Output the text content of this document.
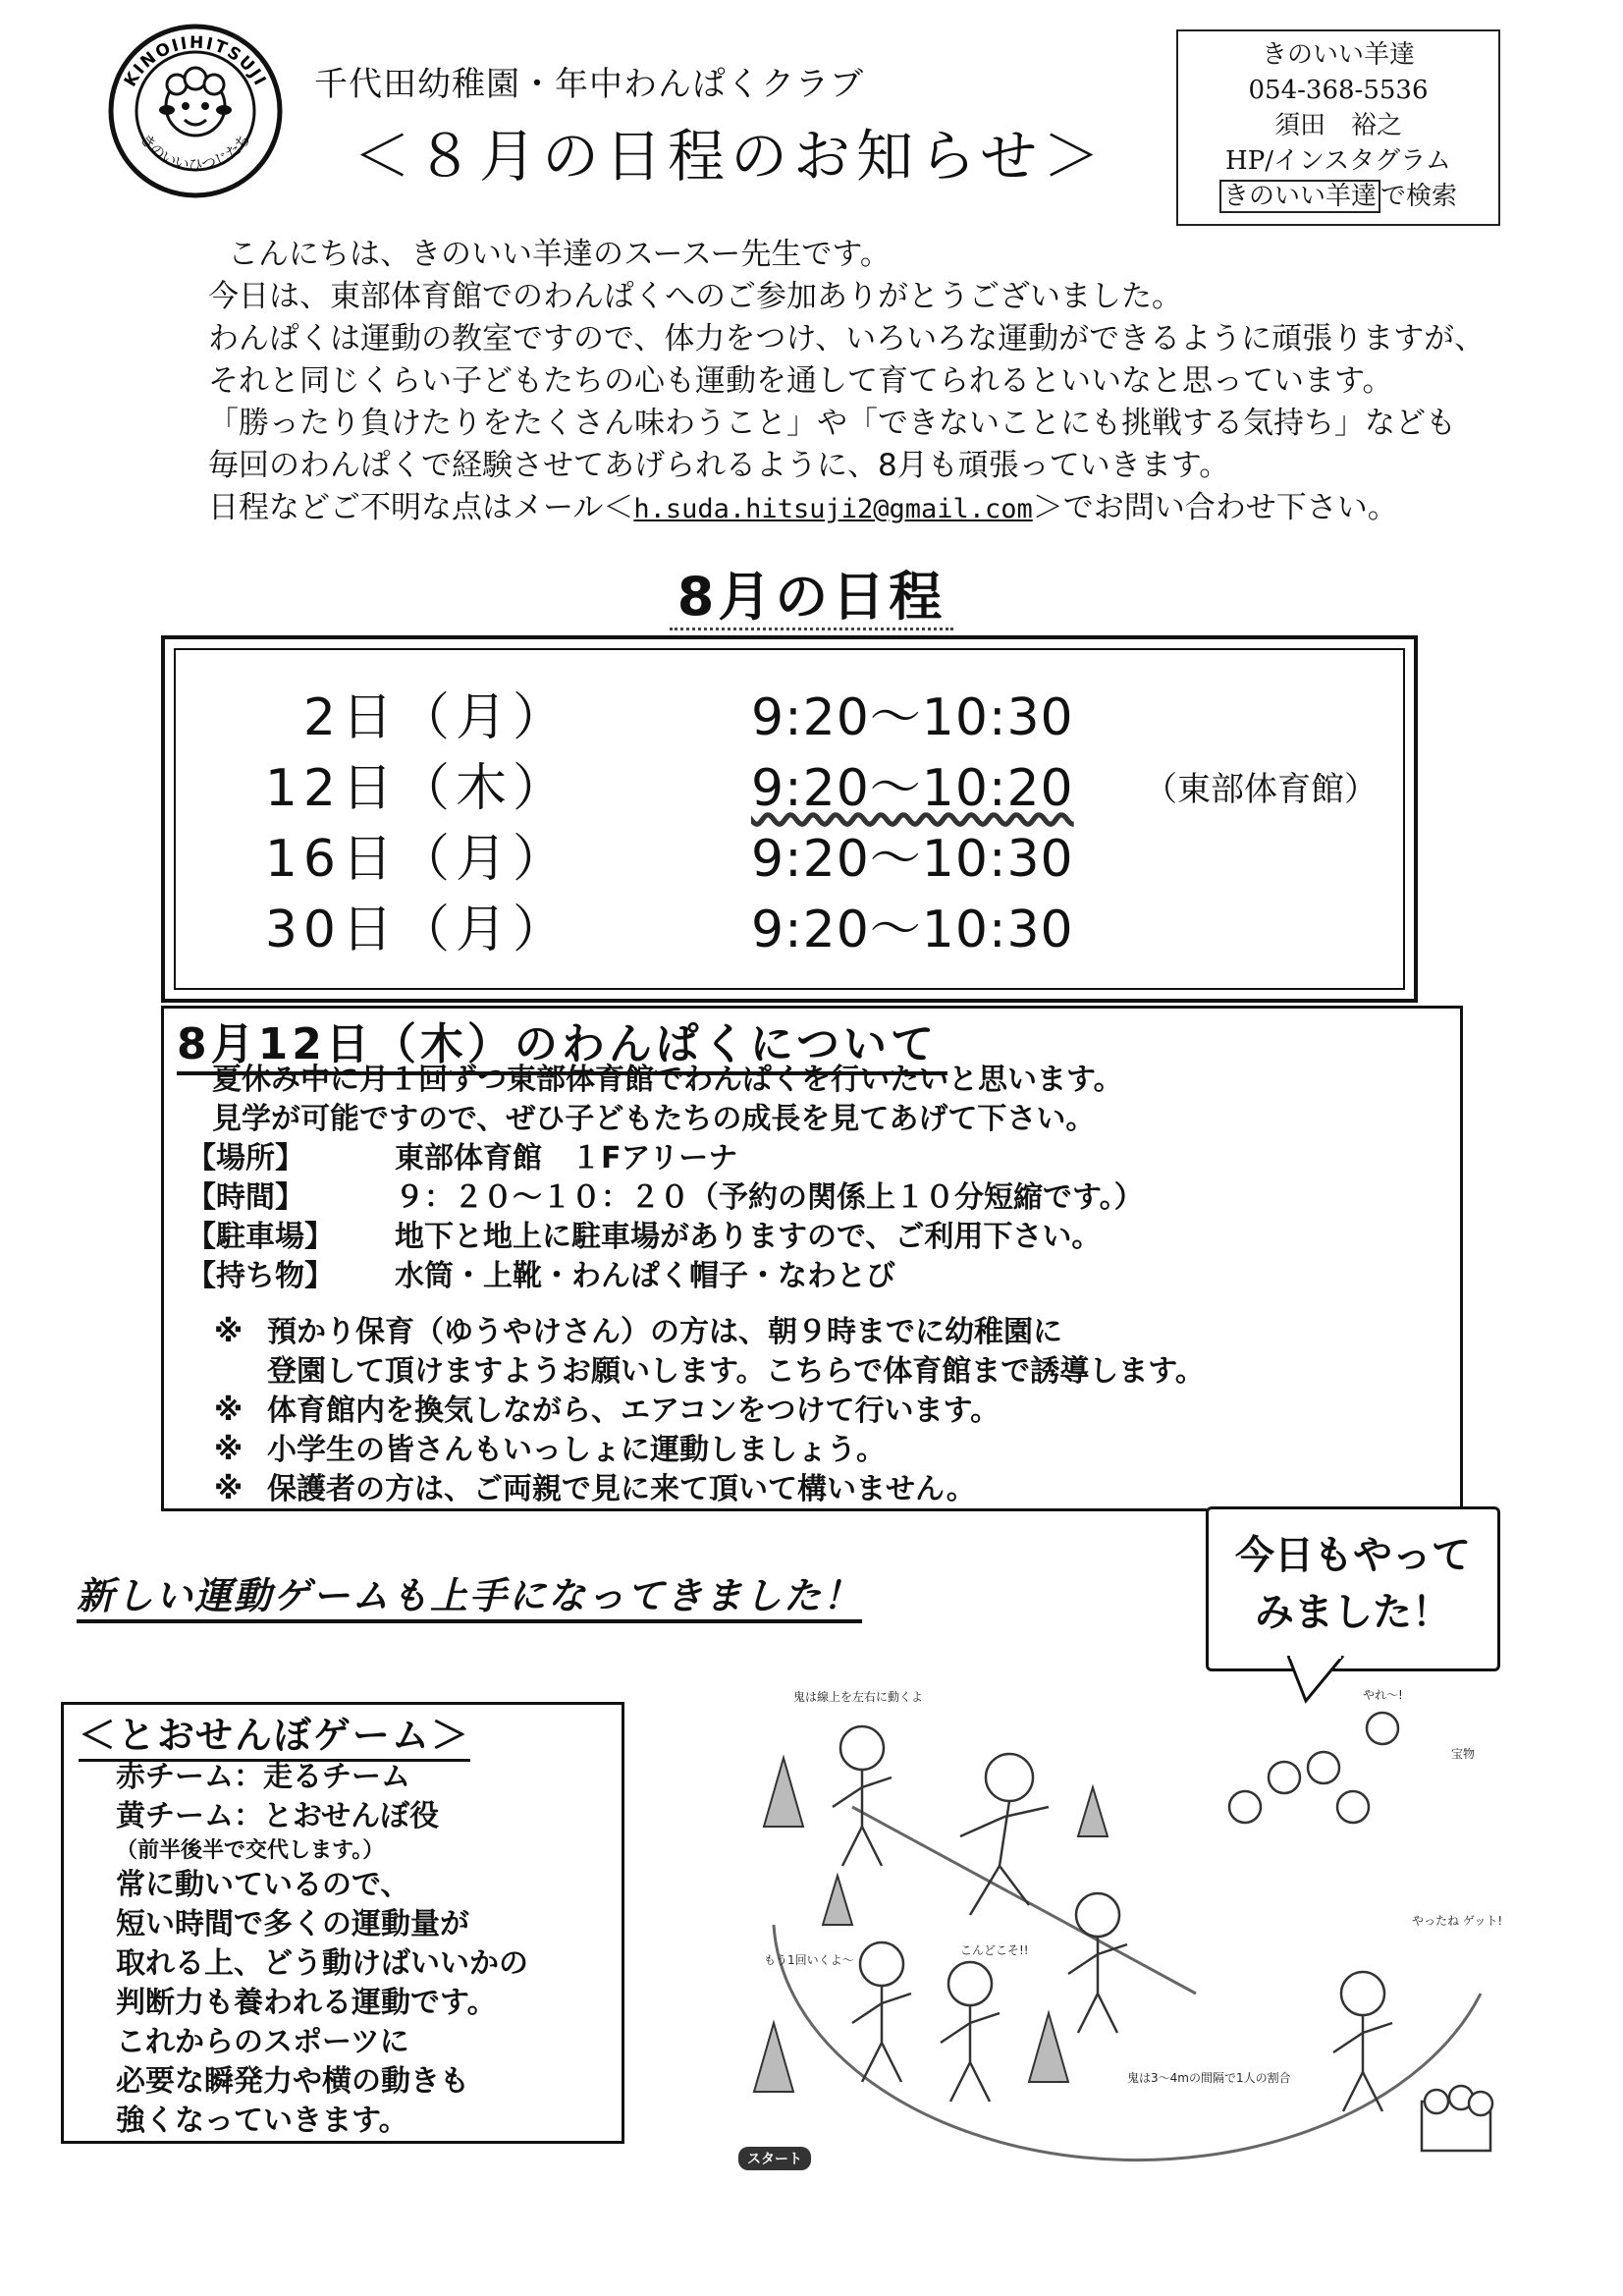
KINOIIHITSUJI
きのいいひつじたち
千代田幼稚園・年中わんぱくクラブ
＜８月の日程のお知らせ＞
きのいい羊達
054-368-5536
須田　裕之
HP/インスタグラム
きのいい羊達 で検索
こんにちは、きのいい羊達のスースー先生です。
今日は、東部体育館でのわんぱくへのご参加ありがとうございました。
わんぱくは運動の教室ですので、体力をつけ、いろいろな運動ができるように頑張りますが、
それと同じくらい子どもたちの心も運動を通して育てられるといいなと思っています。
「勝ったり負けたりをたくさん味わうこと」や「できないことにも挑戦する気持ち」なども
毎回のわんぱくで経験させてあげられるように、8月も頑張っていきます。
日程などご不明な点はメール＜h.suda.hitsuji2@gmail.com＞でお問い合わせ下さい。
8月の日程
2日（月）	9:20〜10:30
12日（木）	9:20〜10:20 （東部体育館）
16日（月）	9:20〜10:30
30日（月）	9:20〜10:30
8月12日（木）のわんぱくについて
夏休み中に月１回ずつ東部体育館でわんぱくを行いたいと思います。
見学が可能ですので、ぜひ子どもたちの成長を見てあげて下さい。
【場所】	東部体育館　１Fアリーナ
【時間】	９：２０〜１０：２０（予約の関係上１０分短縮です。）
【駐車場】	地下と地上に駐車場がありますので、ご利用下さい。
【持ち物】	水筒・上靴・わんぱく帽子・なわとび
※ 預かり保育（ゆうやけさん）の方は、朝９時までに幼稚園に
登園して頂けますようお願いします。こちらで体育館まで誘導します。
※ 体育館内を換気しながら、エアコンをつけて行います。
※ 小学生の皆さんもいっしょに運動しましょう。
※ 保護者の方は、ご両親で見に来て頂いて構いません。
新しい運動ゲームも上手になってきました！
今日もやって
みました！
＜とおせんぼゲーム＞
赤チーム：走るチーム
黄チーム：とおせんぼ役
（前半後半で交代します。）
常に動いているので、
短い時間で多くの運動量が
取れる上、どう動けばいいかの
判断力も養われる運動です。
これからのスポーツに
必要な瞬発力や横の動きも
強くなっていきます。
鬼は線上を左右に動くよ
もう1回いくよ〜
こんどこそ!!
鬼は3〜4mの間隔で1人の割合
やれ〜!
やったね ゲット!
宝物
スタート
